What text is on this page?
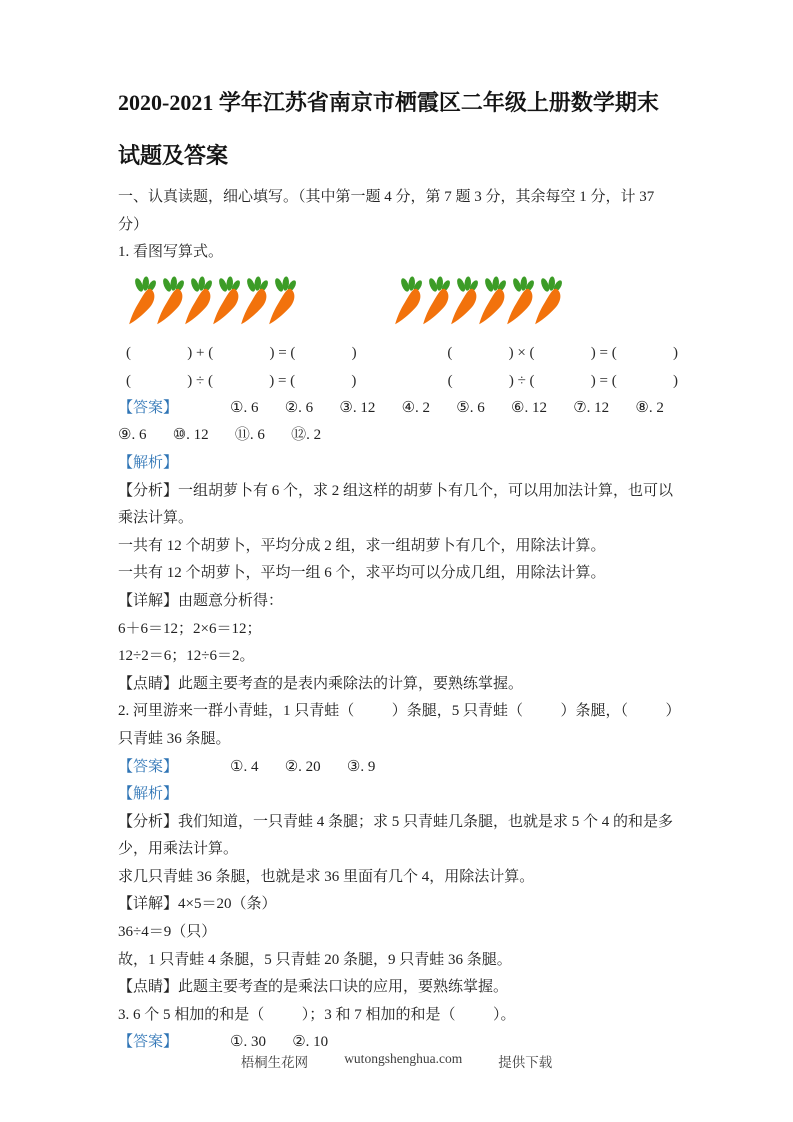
2020-2021 学年江苏省南京市栖霞区二年级上册数学期末试题及答案

一、认真读题，细心填写。（其中第一题 4 分，第 7 题 3 分，其余每空 1 分，计 37 分）

1. 看图写算式。

(               ) + (               ) = (               )	(               ) × (               ) = (               )
(               ) ÷ (               ) = (               )	(               ) ÷ (               ) = (               )

【答案】	①. 6       ②. 6       ③. 12       ④. 2       ⑤. 6       ⑥. 12       ⑦. 12       ⑧. 2       ⑨. 6       ⑩. 12       ⑪. 6       ⑫. 2

【解析】

【分析】一组胡萝卜有 6 个，求 2 组这样的胡萝卜有几个，可以用加法计算，也可以乘法计算。

一共有 12 个胡萝卜，平均分成 2 组，求一组胡萝卜有几个，用除法计算。

一共有 12 个胡萝卜，平均一组 6 个，求平均可以分成几组，用除法计算。

【详解】由题意分析得：

6＋6＝12；2×6＝12；

12÷2＝6；12÷6＝2。

【点睛】此题主要考查的是表内乘除法的计算，要熟练掌握。

2. 河里游来一群小青蛙，1 只青蛙（          ）条腿，5 只青蛙（          ）条腿，（          ）只青蛙 36 条腿。

【答案】	①. 4       ②. 20       ③. 9

【解析】

【分析】我们知道，一只青蛙 4 条腿；求 5 只青蛙几条腿，也就是求 5 个 4 的和是多少，用乘法计算。

求几只青蛙 36 条腿，也就是求 36 里面有几个 4，用除法计算。

【详解】4×5＝20（条）

36÷4＝9（只）

故，1 只青蛙 4 条腿，5 只青蛙 20 条腿，9 只青蛙 36 条腿。

【点睛】此题主要考查的是乘法口诀的应用，要熟练掌握。

3. 6 个 5 相加的和是（          ）；3 和 7 相加的和是（          ）。

【答案】	①. 30       ②. 10

梧桐生花网	wutongshenghua.com	提供下载
